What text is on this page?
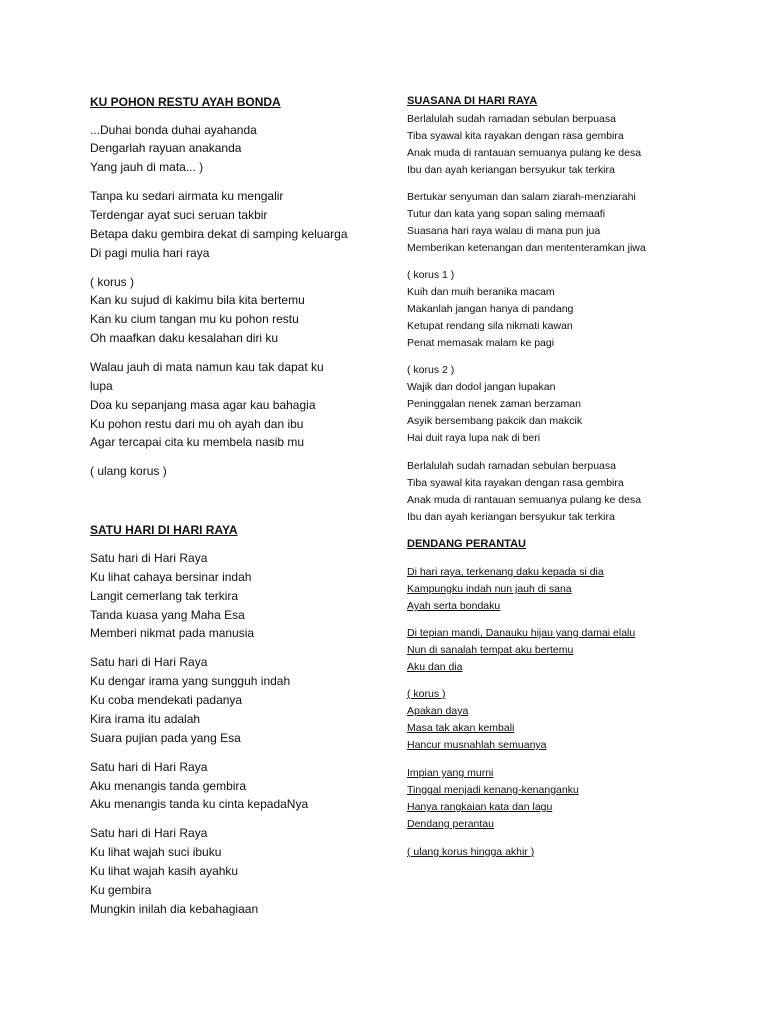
KU POHON RESTU AYAH BONDA
...Duhai bonda duhai ayahanda
Dengarlah rayuan anakanda
Yang jauh di mata... )
Tanpa ku sedari airmata ku mengalir
Terdengar ayat suci seruan takbir
Betapa daku gembira dekat di samping keluarga
Di pagi mulia hari raya
( korus )
Kan ku sujud di kakimu bila kita bertemu
Kan ku cium tangan mu ku pohon restu
Oh maafkan daku kesalahan diri ku
Walau jauh di mata namun kau tak dapat ku
lupa
Doa ku sepanjang masa agar kau bahagia
Ku pohon restu dari mu oh ayah dan ibu
Agar tercapai cita ku membela nasib mu
( ulang korus )
SATU HARI DI HARI RAYA
Satu hari di Hari Raya
Ku lihat cahaya bersinar indah
Langit cemerlang tak terkira
Tanda kuasa yang Maha Esa
Memberi nikmat pada manusia
Satu hari di Hari Raya
Ku dengar irama yang sungguh indah
Ku coba mendekati padanya
Kira irama itu adalah
Suara pujian pada yang Esa
Satu hari di Hari Raya
Aku menangis tanda gembira
Aku menangis tanda ku cinta kepadaNya
Satu hari di Hari Raya
Ku lihat wajah suci ibuku
Ku lihat wajah kasih ayahku
Ku gembira
Mungkin inilah dia kebahagiaan
SUASANA DI HARI RAYA
Berlalulah sudah ramadan sebulan berpuasa
Tiba syawal kita rayakan dengan rasa gembira
Anak muda di rantauan semuanya pulang ke desa
Ibu dan ayah keriangan bersyukur tak terkira
Bertukar senyuman dan salam ziarah-menziarahi
Tutur dan kata yang sopan saling memaafi
Suasana hari raya walau di mana pun jua
Memberikan ketenangan dan mententeramkan jiwa
( korus 1 )
Kuih dan muih beranika macam
Makanlah jangan hanya di pandang
Ketupat rendang sila nikmati kawan
Penat memasak malam ke pagi
( korus 2 )
Wajik dan dodol jangan lupakan
Peninggalan nenek zaman berzaman
Asyik bersembang pakcik dan makcik
Hai duit raya lupa nak di beri
Berlalulah sudah ramadan sebulan berpuasa
Tiba syawal kita rayakan dengan rasa gembira
Anak muda di rantauan semuanya pulang ke desa
Ibu dan ayah keriangan bersyukur tak terkira
DENDANG PERANTAU
Di hari raya, terkenang daku kepada si dia
Kampungku indah nun jauh di sana
Ayah serta bondaku
Di tepian mandi, Danauku hijau yang damai elalu
Nun di sanalah tempat aku bertemu
Aku dan dia
( korus )
Apakan daya
Masa tak akan kembali
Hancur musnahlah semuanya
Impian yang murni
Tinggal menjadi kenang-kenanganku
Hanya rangkaian kata dan lagu
Dendang perantau
( ulang korus hingga akhir )
